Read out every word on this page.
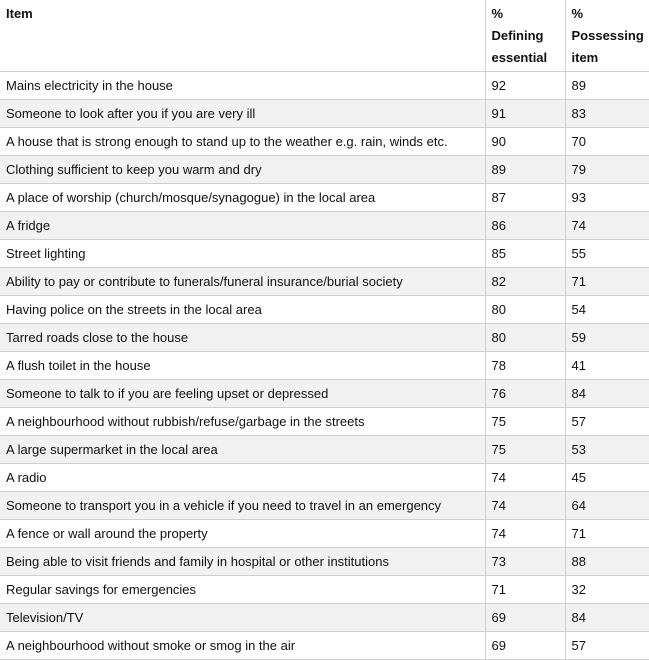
Item	% Defining essential	% Possessing item
Mains electricity in the house	92	89
Someone to look after you if you are very ill	91	83
A house that is strong enough to stand up to the weather e.g. rain, winds etc.	90	70
Clothing sufficient to keep you warm and dry	89	79
A place of worship (church/mosque/synagogue) in the local area	87	93
A fridge	86	74
Street lighting	85	55
Ability to pay or contribute to funerals/funeral insurance/burial society	82	71
Having police on the streets in the local area	80	54
Tarred roads close to the house	80	59
A flush toilet in the house	78	41
Someone to talk to if you are feeling upset or depressed	76	84
A neighbourhood without rubbish/refuse/garbage in the streets	75	57
A large supermarket in the local area	75	53
A radio	74	45
Someone to transport you in a vehicle if you need to travel in an emergency	74	64
A fence or wall around the property	74	71
Being able to visit friends and family in hospital or other institutions	73	88
Regular savings for emergencies	71	32
Television/TV	69	84
A neighbourhood without smoke or smog in the air	69	57
